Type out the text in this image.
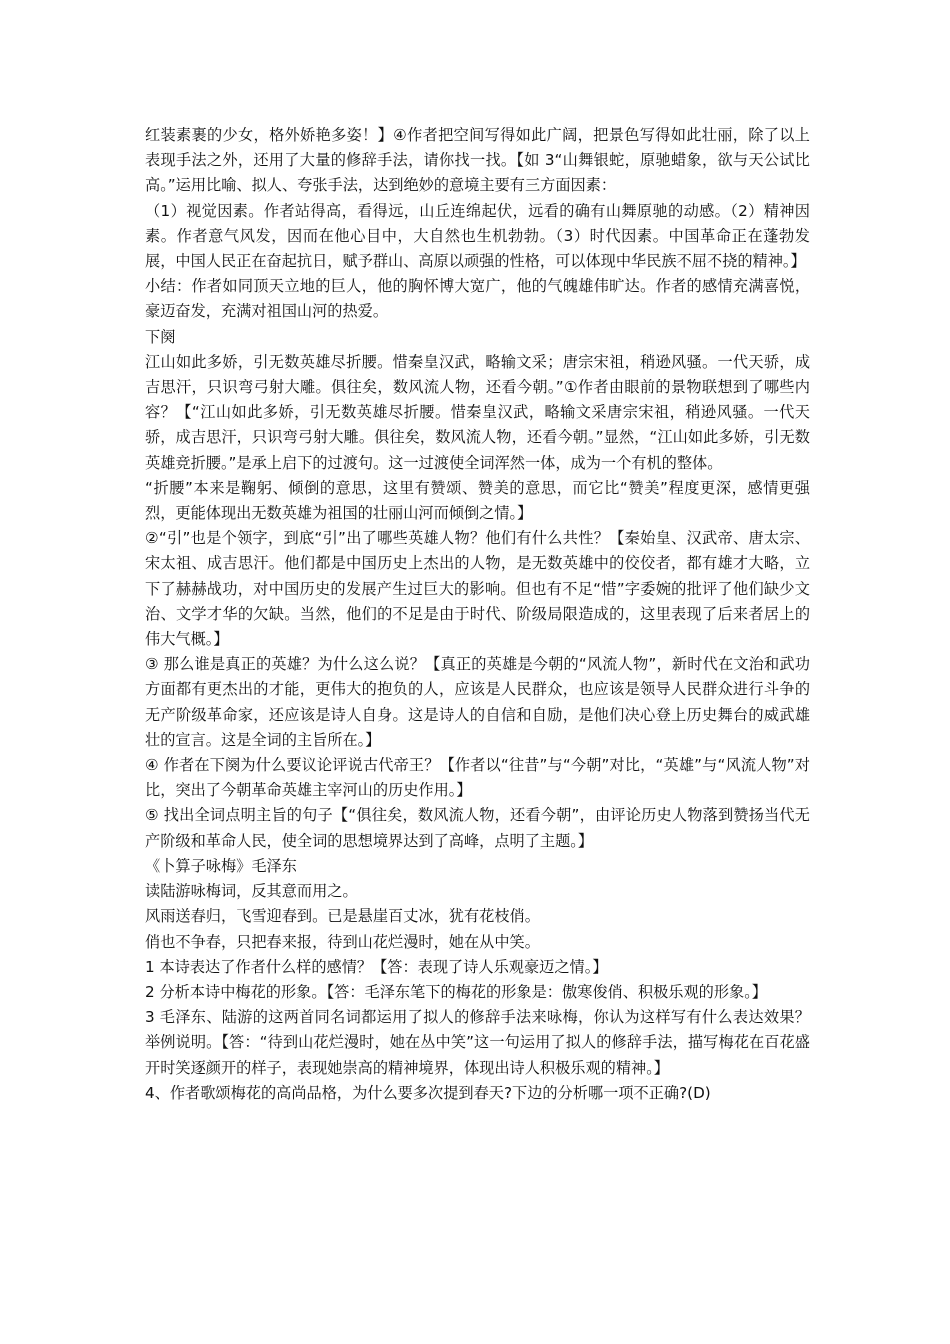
红装素裹的少女，格外娇艳多姿！】④作者把空间写得如此广阔，把景色写得如此壮丽，除了以上表现手法之外，还用了大量的修辞手法，请你找一找。【如 3“山舞银蛇，原驰蜡象，欲与天公试比高。”运用比喻、拟人、夸张手法，达到绝妙的意境主要有三方面因素：

（1）视觉因素。作者站得高，看得远，山丘连绵起伏，远看的确有山舞原驰的动感。（2）精神因素。作者意气风发，因而在他心目中，大自然也生机勃勃。（3）时代因素。中国革命正在蓬勃发展，中国人民正在奋起抗日，赋予群山、高原以顽强的性格，可以体现中华民族不屈不挠的精神。】

小结：作者如同顶天立地的巨人，他的胸怀博大宽广，他的气魄雄伟旷达。作者的感情充满喜悦，豪迈奋发，充满对祖国山河的热爱。

下阕

江山如此多娇，引无数英雄尽折腰。惜秦皇汉武，略输文采；唐宗宋祖，稍逊风骚。一代天骄，成吉思汗，只识弯弓射大雕。俱往矣，数风流人物，还看今朝。”①作者由眼前的景物联想到了哪些内容？【“江山如此多娇，引无数英雄尽折腰。惜秦皇汉武，略输文采唐宗宋祖，稍逊风骚。一代天骄，成吉思汗，只识弯弓射大雕。俱往矣，数风流人物，还看今朝。”显然，“江山如此多娇，引无数英雄竞折腰。”是承上启下的过渡句。这一过渡使全词浑然一体，成为一个有机的整体。

“折腰”本来是鞠躬、倾倒的意思，这里有赞颂、赞美的意思，而它比“赞美”程度更深，感情更强烈，更能体现出无数英雄为祖国的壮丽山河而倾倒之情。】

②“引”也是个领字，到底“引”出了哪些英雄人物？他们有什么共性？【秦始皇、汉武帝、唐太宗、宋太祖、成吉思汗。他们都是中国历史上杰出的人物，是无数英雄中的佼佼者，都有雄才大略，立下了赫赫战功，对中国历史的发展产生过巨大的影响。但也有不足“惜”字委婉的批评了他们缺少文治、文学才华的欠缺。当然，他们的不足是由于时代、阶级局限造成的，这里表现了后来者居上的伟大气概。】

③ 那么谁是真正的英雄？为什么这么说？【真正的英雄是今朝的“风流人物”，新时代在文治和武功方面都有更杰出的才能，更伟大的抱负的人，应该是人民群众，也应该是领导人民群众进行斗争的无产阶级革命家，还应该是诗人自身。这是诗人的自信和自励，是他们决心登上历史舞台的威武雄壮的宣言。这是全词的主旨所在。】

④ 作者在下阕为什么要议论评说古代帝王？【作者以“往昔”与“今朝”对比，“英雄”与“风流人物”对比，突出了今朝革命英雄主宰河山的历史作用。】

⑤ 找出全词点明主旨的句子【“俱往矣，数风流人物，还看今朝”，由评论历史人物落到赞扬当代无产阶级和革命人民，使全词的思想境界达到了高峰，点明了主题。】

《卜算子咏梅》毛泽东

读陆游咏梅词，反其意而用之。

风雨送春归，飞雪迎春到。已是悬崖百丈冰，犹有花枝俏。

俏也不争春，只把春来报，待到山花烂漫时，她在从中笑。

1 本诗表达了作者什么样的感情？【答：表现了诗人乐观豪迈之情。】

2 分析本诗中梅花的形象。【答：毛泽东笔下的梅花的形象是：傲寒俊俏、积极乐观的形象。】

3 毛泽东、陆游的这两首同名词都运用了拟人的修辞手法来咏梅，你认为这样写有什么表达效果？举例说明。【答：“待到山花烂漫时，她在丛中笑”这一句运用了拟人的修辞手法，描写梅花在百花盛开时笑逐颜开的样子，表现她崇高的精神境界，体现出诗人积极乐观的精神。】

4、作者歌颂梅花的高尚品格，为什么要多次提到春天?下边的分析哪一项不正确?(D)
